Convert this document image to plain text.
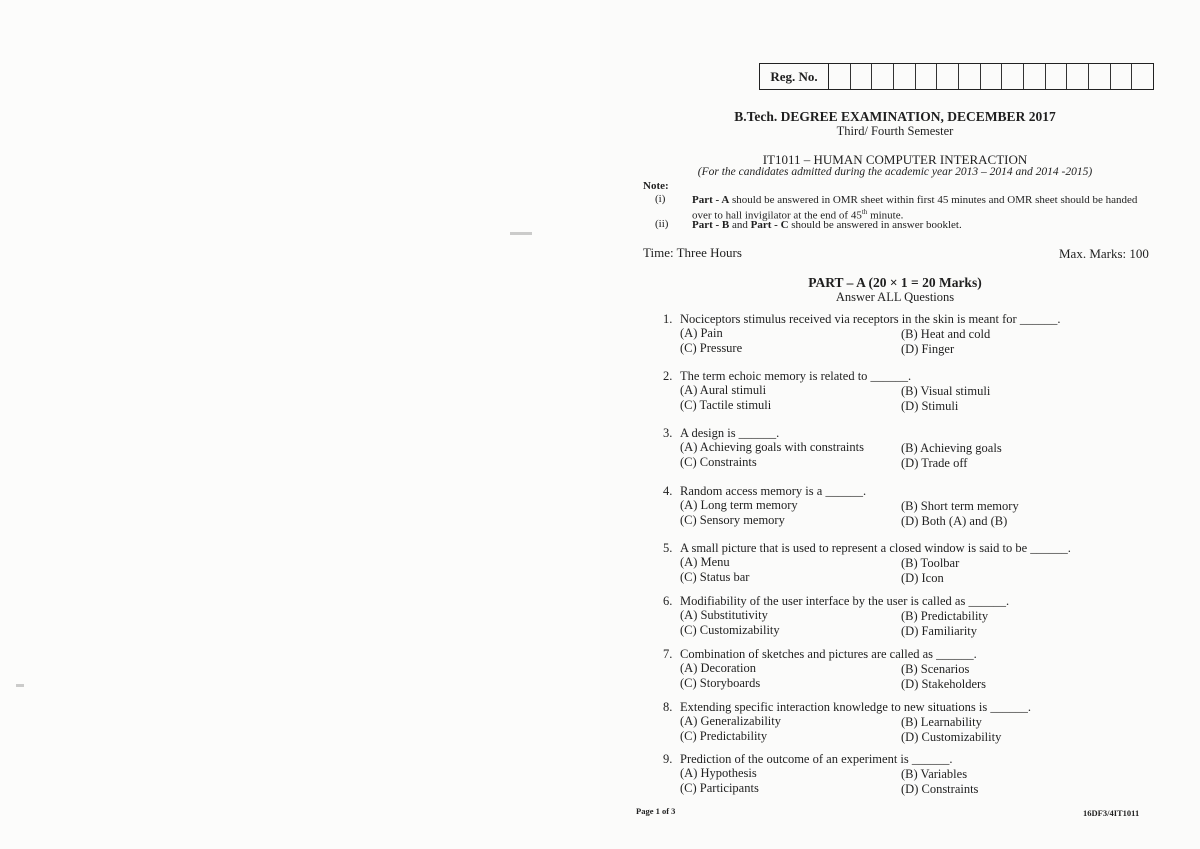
Reg. No.
B.Tech. DEGREE EXAMINATION, DECEMBER 2017
Third/ Fourth Semester
IT1011 – HUMAN COMPUTER INTERACTION
(For the candidates admitted during the academic year 2013 – 2014 and 2014 -2015)
Note:
(i) Part - A should be answered in OMR sheet within first 45 minutes and OMR sheet should be handed
over to hall invigilator at the end of 45th minute.
(ii) Part - B and Part - C should be answered in answer booklet.
Time: Three Hours	Max. Marks: 100
PART – A (20 × 1 = 20 Marks)
Answer ALL Questions
1. Nociceptors stimulus received via receptors in the skin is meant for ______.
(A) Pain	(B) Heat and cold
(C) Pressure	(D) Finger
2. The term echoic memory is related to ______.
(A) Aural stimuli	(B) Visual stimuli
(C) Tactile stimuli	(D) Stimuli
3. A design is ______.
(A) Achieving goals with constraints	(B) Achieving goals
(C) Constraints	(D) Trade off
4. Random access memory is a ______.
(A) Long term memory	(B) Short term memory
(C) Sensory memory	(D) Both (A) and (B)
5. A small picture that is used to represent a closed window is said to be ______.
(A) Menu	(B) Toolbar
(C) Status bar	(D) Icon
6. Modifiability of the user interface by the user is called as ______.
(A) Substitutivity	(B) Predictability
(C) Customizability	(D) Familiarity
7. Combination of sketches and pictures are called as ______.
(A) Decoration	(B) Scenarios
(C) Storyboards	(D) Stakeholders
8. Extending specific interaction knowledge to new situations is ______.
(A) Generalizability	(B) Learnability
(C) Predictability	(D) Customizability
9. Prediction of the outcome of an experiment is ______.
(A) Hypothesis	(B) Variables
(C) Participants	(D) Constraints
Page 1 of 3	16DF3/4IT1011
